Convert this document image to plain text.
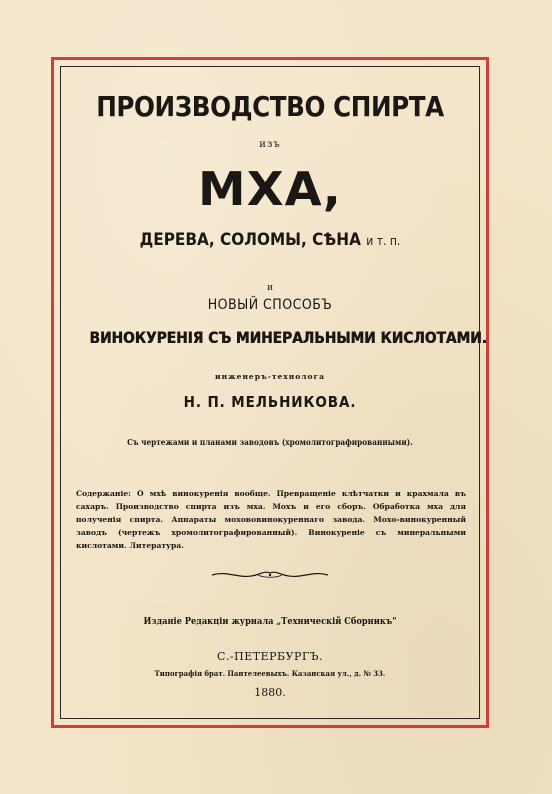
ПРОИЗВОДСТВО СПИРТА
изъ
МХА,
ДЕРЕВА, СОЛОМЫ, СѢНА и т. п.
и
НОВЫЙ СПОСОБЪ
ВИНОКУРЕНІЯ СЪ МИНЕРАЛЬНЫМИ КИСЛОТАМИ.
инженеръ-технолога
Н. П. МЕЛЬНИКОВА.
Съ чертежами и планами заводовъ (хромолитографированными).
Содержаніе: О мхѣ винокуренія вообще. Превращеніе клѣтчатки и крахмала въ сахаръ. Производство спирта изъ мха. Мохъ и его сборъ. Обработка мха для полученія спирта. Аппараты мохововинокуреннаго завода. Мохо-винокуренный заводъ (чертежъ хромолитографированный). Винокуреніе съ минеральными кислотами. Литература.
Изданіе Редакціи журнала „Техническій Сборникъ"
С.-ПЕТЕРБУРГЪ.
Типографія брат. Пантелеевыхъ. Казанская ул., д. № 33.
1880.
